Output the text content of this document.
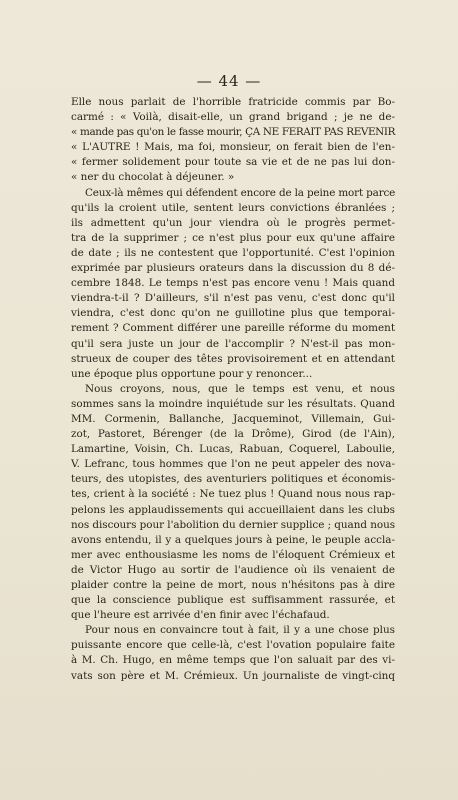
— 44 —
Elle nous parlait de l'horrible fratricide commis par Bo-
carmé : « Voilà, disait-elle, un grand brigand ; je ne de-
« mande pas qu'on le fasse mourir, ÇA NE FERAIT PAS REVENIR
« L'AUTRE ! Mais, ma foi, monsieur, on ferait bien de l'en-
« fermer solidement pour toute sa vie et de ne pas lui don-
« ner du chocolat à déjeuner. »
Ceux-là mêmes qui défendent encore de la peine mort parce
qu'ils la croient utile, sentent leurs convictions ébranlées ;
ils admettent qu'un jour viendra où le progrès permet-
tra de la supprimer ; ce n'est plus pour eux qu'une affaire
de date ; ils ne contestent que l'opportunité. C'est l'opinion
exprimée par plusieurs orateurs dans la discussion du 8 dé-
cembre 1848. Le temps n'est pas encore venu ! Mais quand
viendra-t-il ? D'ailleurs, s'il n'est pas venu, c'est donc qu'il
viendra, c'est donc qu'on ne guillotine plus que temporai-
rement ? Comment différer une pareille réforme du moment
qu'il sera juste un jour de l'accomplir ? N'est-il pas mon-
strueux de couper des têtes provisoirement et en attendant
une époque plus opportune pour y renoncer...
Nous croyons, nous, que le temps est venu, et nous
sommes sans la moindre inquiétude sur les résultats. Quand
MM. Cormenin, Ballanche, Jacqueminot, Villemain, Gui-
zot, Pastoret, Bérenger (de la Drôme), Girod (de l'Ain),
Lamartine, Voisin, Ch. Lucas, Rabuan, Coquerel, Laboulie,
V. Lefranc, tous hommes que l'on ne peut appeler des nova-
teurs, des utopistes, des aventuriers politiques et économis-
tes, crient à la société : Ne tuez plus ! Quand nous nous rap-
pelons les applaudissements qui accueillaient dans les clubs
nos discours pour l'abolition du dernier supplice ; quand nous
avons entendu, il y a quelques jours à peine, le peuple accla-
mer avec enthousiasme les noms de l'éloquent Crémieux et
de Victor Hugo au sortir de l'audience où ils venaient de
plaider contre la peine de mort, nous n'hésitons pas à dire
que la conscience publique est suffisamment rassurée, et
que l'heure est arrivée d'en finir avec l'échafaud.
Pour nous en convaincre tout à fait, il y a une chose plus
puissante encore que celle-là, c'est l'ovation populaire faite
à M. Ch. Hugo, en même temps que l'on saluait par des vi-
vats son père et M. Crémieux. Un journaliste de vingt-cinq
